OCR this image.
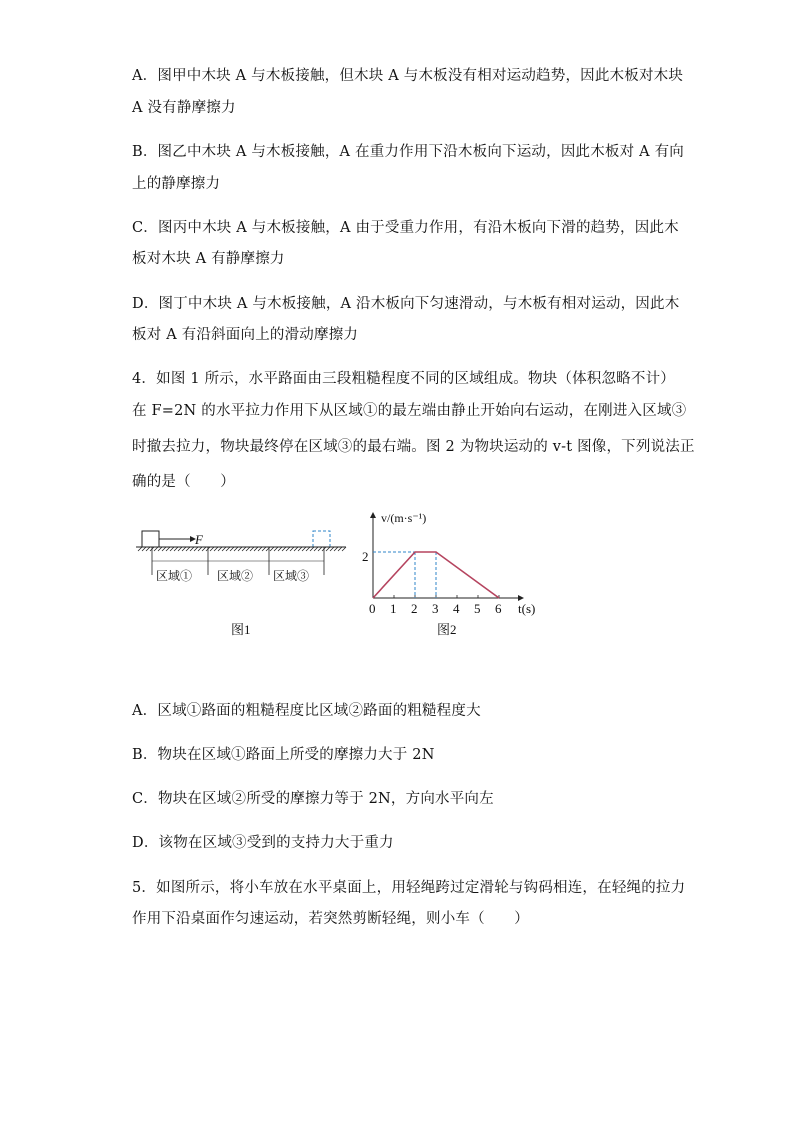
A．图甲中木块 A 与木板接触，但木块 A 与木板没有相对运动趋势，因此木板对木块
A 没有静摩擦力
B．图乙中木块 A 与木板接触，A 在重力作用下沿木板向下运动，因此木板对 A 有向
上的静摩擦力
C．图丙中木块 A 与木板接触，A 由于受重力作用，有沿木板向下滑的趋势，因此木
板对木块 A 有静摩擦力
D．图丁中木块 A 与木板接触，A 沿木板向下匀速滑动，与木板有相对运动，因此木
板对 A 有沿斜面向上的滑动摩擦力
4．如图 1 所示，水平路面由三段粗糙程度不同的区域组成。物块（体积忽略不计）
在 F=2N 的水平拉力作用下从区域①的最左端由静止开始向右运动，在刚进入区域③
时撤去拉力，物块最终停在区域③的最右端。图 2 为物块运动的 v-t 图像，下列说法正
确的是（　　）
F
区域① 区域② 区域③
图1
v/(m·s⁻¹)
2
0 1 2 3 4 5 6 t(s)
图2
A．区域①路面的粗糙程度比区域②路面的粗糙程度大
B．物块在区域①路面上所受的摩擦力大于 2N
C．物块在区域②所受的摩擦力等于 2N，方向水平向左
D．该物在区域③受到的支持力大于重力
5．如图所示，将小车放在水平桌面上，用轻绳跨过定滑轮与钩码相连，在轻绳的拉力
作用下沿桌面作匀速运动，若突然剪断轻绳，则小车（　　）
